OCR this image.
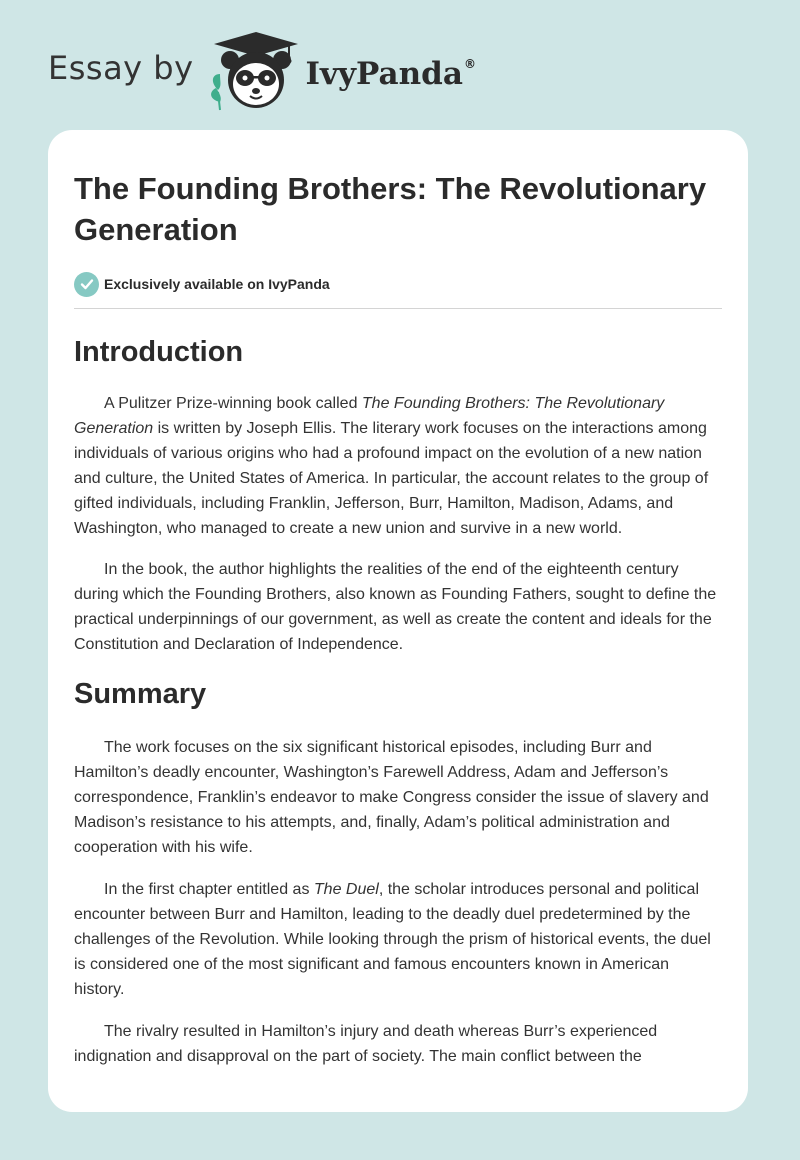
Essay by	IvyPanda®
The Founding Brothers: The Revolutionary Generation
Exclusively available on IvyPanda
Introduction

A Pulitzer Prize-winning book called The Founding Brothers: The Revolutionary Generation is written by Joseph Ellis. The literary work focuses on the interactions among individuals of various origins who had a profound impact on the evolution of a new nation and culture, the United States of America. In particular, the account relates to the group of gifted individuals, including Franklin, Jefferson, Burr, Hamilton, Madison, Adams, and Washington, who managed to create a new union and survive in a new world.

In the book, the author highlights the realities of the end of the eighteenth century during which the Founding Brothers, also known as Founding Fathers, sought to define the practical underpinnings of our government, as well as create the content and ideals for the Constitution and Declaration of Independence.

Summary

The work focuses on the six significant historical episodes, including Burr and Hamilton’s deadly encounter, Washington’s Farewell Address, Adam and Jefferson’s correspondence, Franklin’s endeavor to make Congress consider the issue of slavery and Madison’s resistance to his attempts, and, finally, Adam’s political administration and cooperation with his wife.

In the first chapter entitled as The Duel, the scholar introduces personal and political encounter between Burr and Hamilton, leading to the deadly duel predetermined by the challenges of the Revolution. While looking through the prism of historical events, the duel is considered one of the most significant and famous encounters known in American history.

The rivalry resulted in Hamilton’s injury and death whereas Burr’s experienced indignation and disapproval on the part of society. The main conflict between the
